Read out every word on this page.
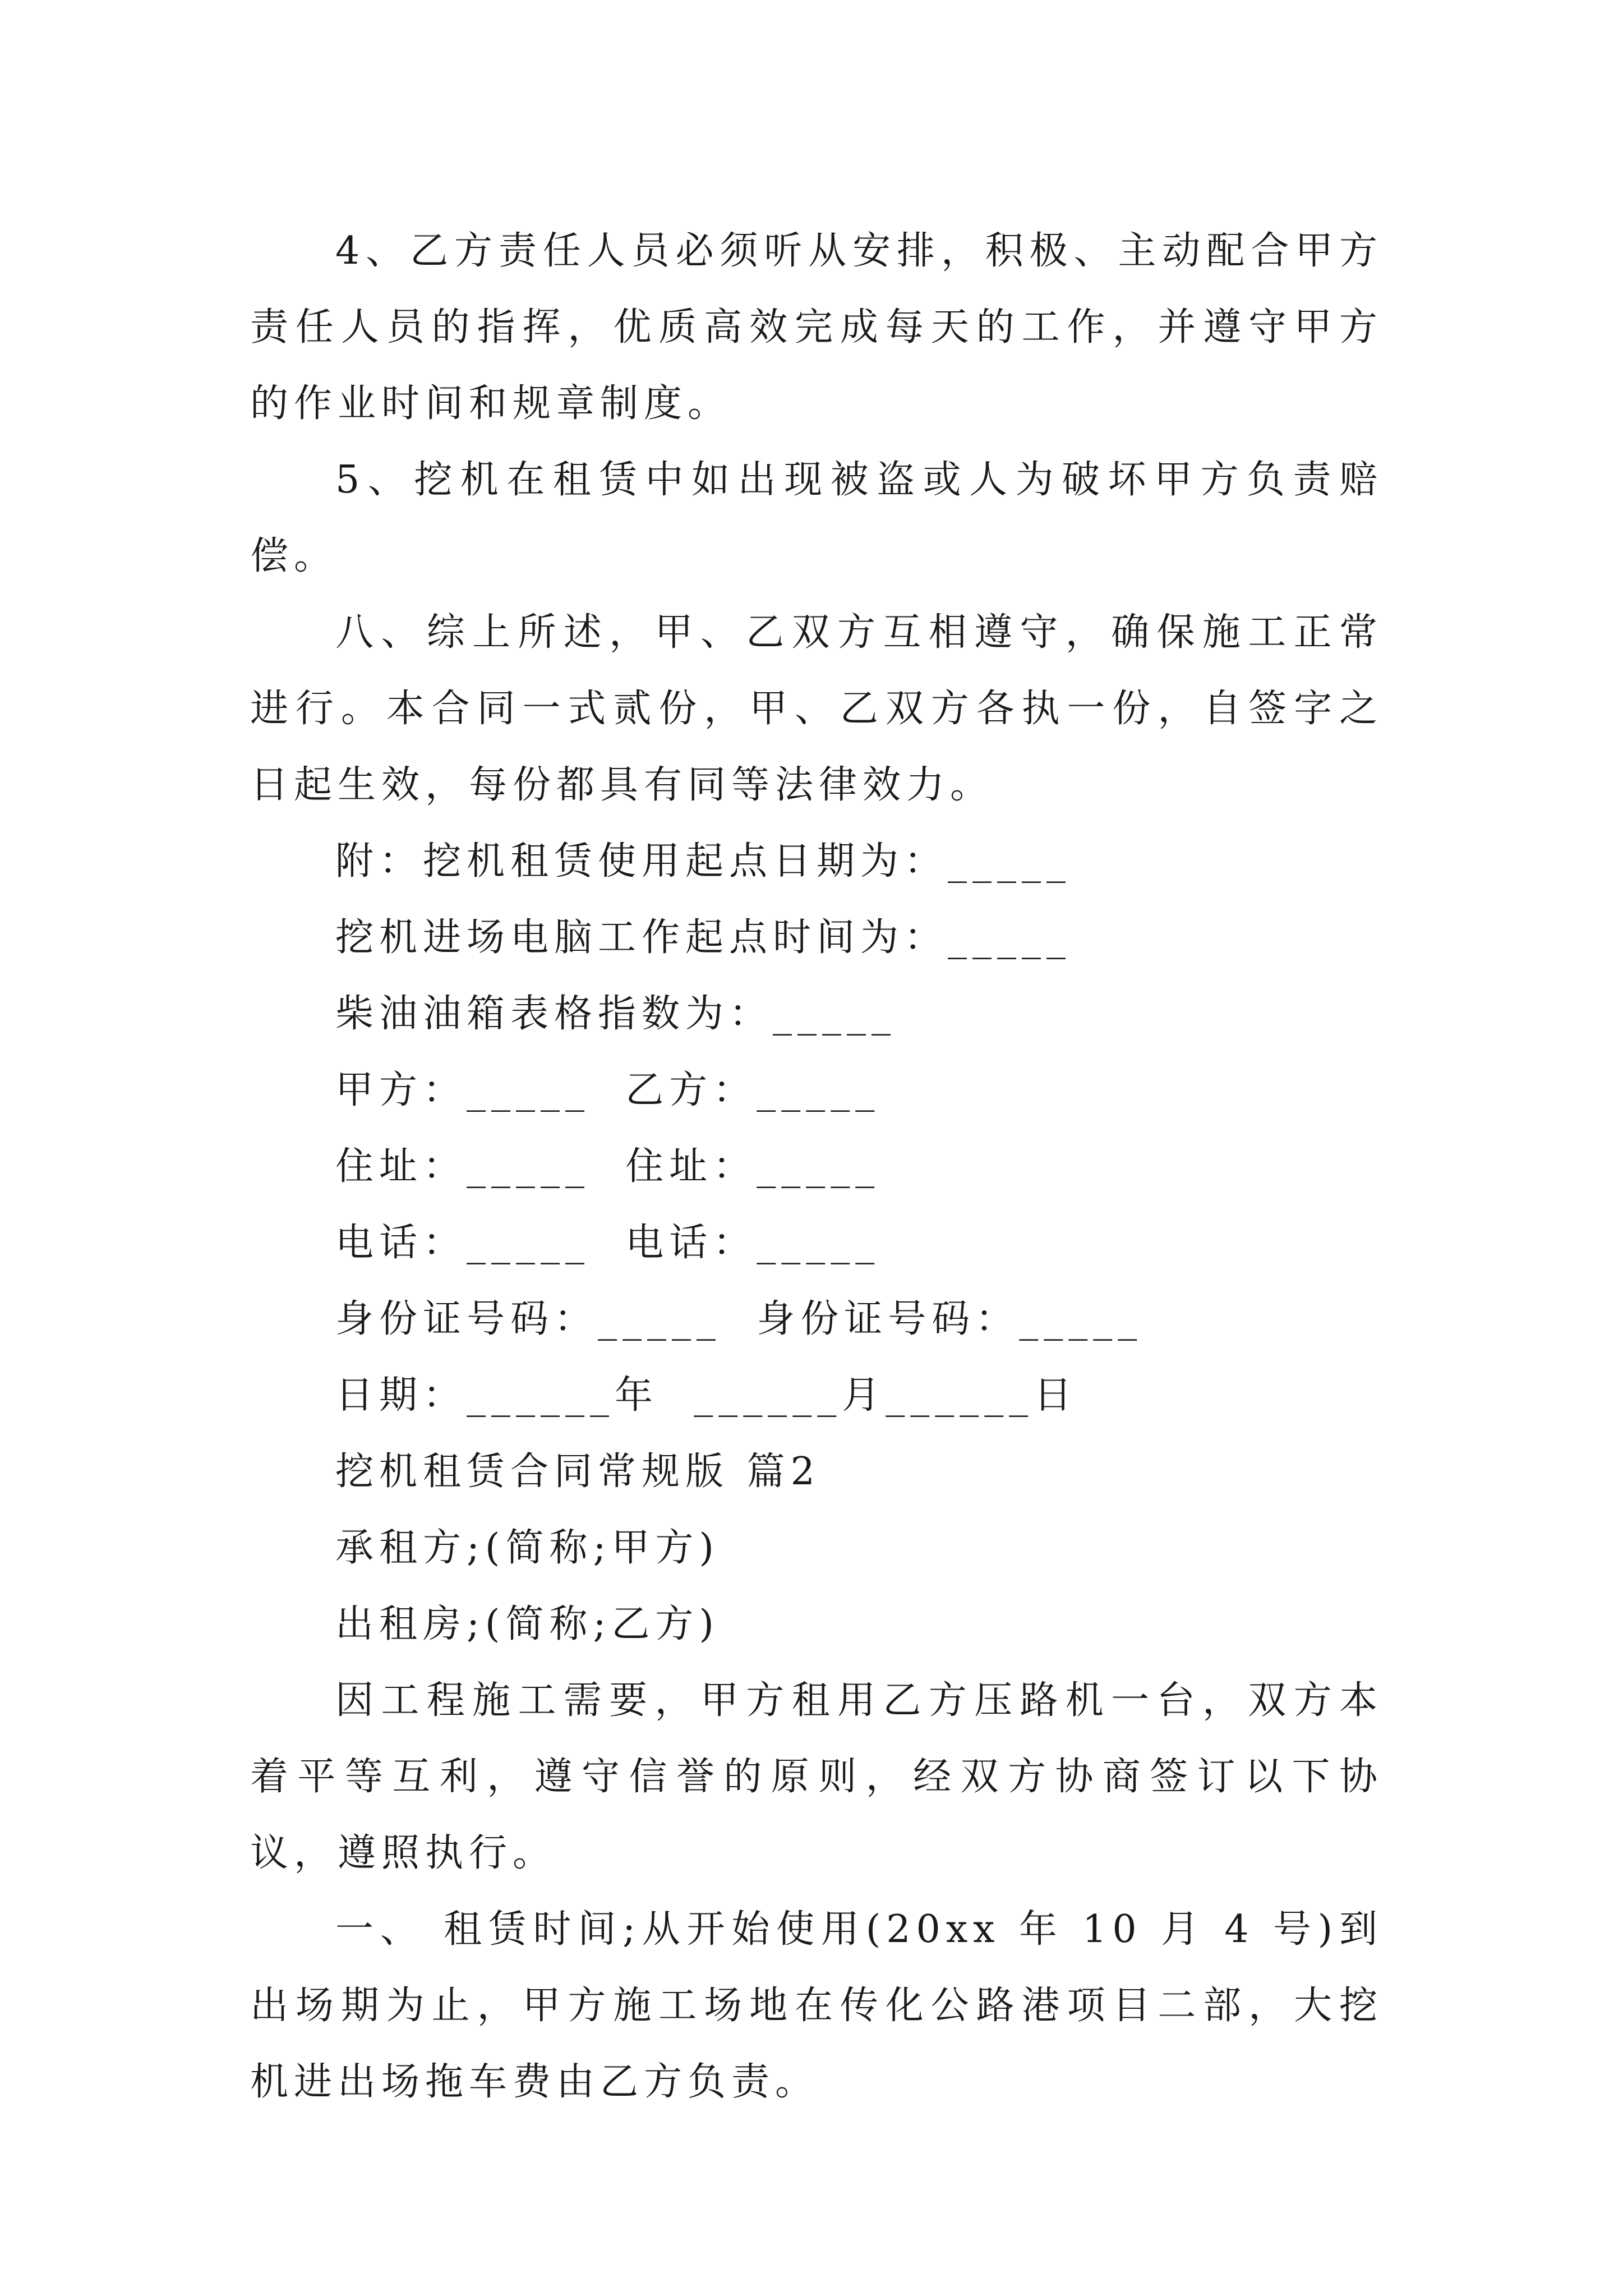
4、乙方责任人员必须听从安排，积极、主动配合甲方责任人员的指挥，优质高效完成每天的工作，并遵守甲方的作业时间和规章制度。

5、挖机在租赁中如出现被盗或人为破坏甲方负责赔偿。

八、综上所述，甲、乙双方互相遵守，确保施工正常进行。本合同一式贰份，甲、乙双方各执一份，自签字之日起生效，每份都具有同等法律效力。

附：挖机租赁使用起点日期为：_____

挖机进场电脑工作起点时间为：_____

柴油油箱表格指数为：_____

甲方：_____  乙方：_____

住址：_____  住址：_____

电话：_____  电话：_____

身份证号码：_____  身份证号码：_____

日期：______年  ______月______日

挖机租赁合同常规版 篇2

承租方;(简称;甲方)

出租房;(简称;乙方)

因工程施工需要，甲方租用乙方压路机一台，双方本着平等互利，遵守信誉的原则，经双方协商签订以下协议，遵照执行。

一、 租赁时间;从开始使用(20xx 年 10 月 4 号)到出场期为止，甲方施工场地在传化公路港项目二部，大挖机进出场拖车费由乙方负责。
